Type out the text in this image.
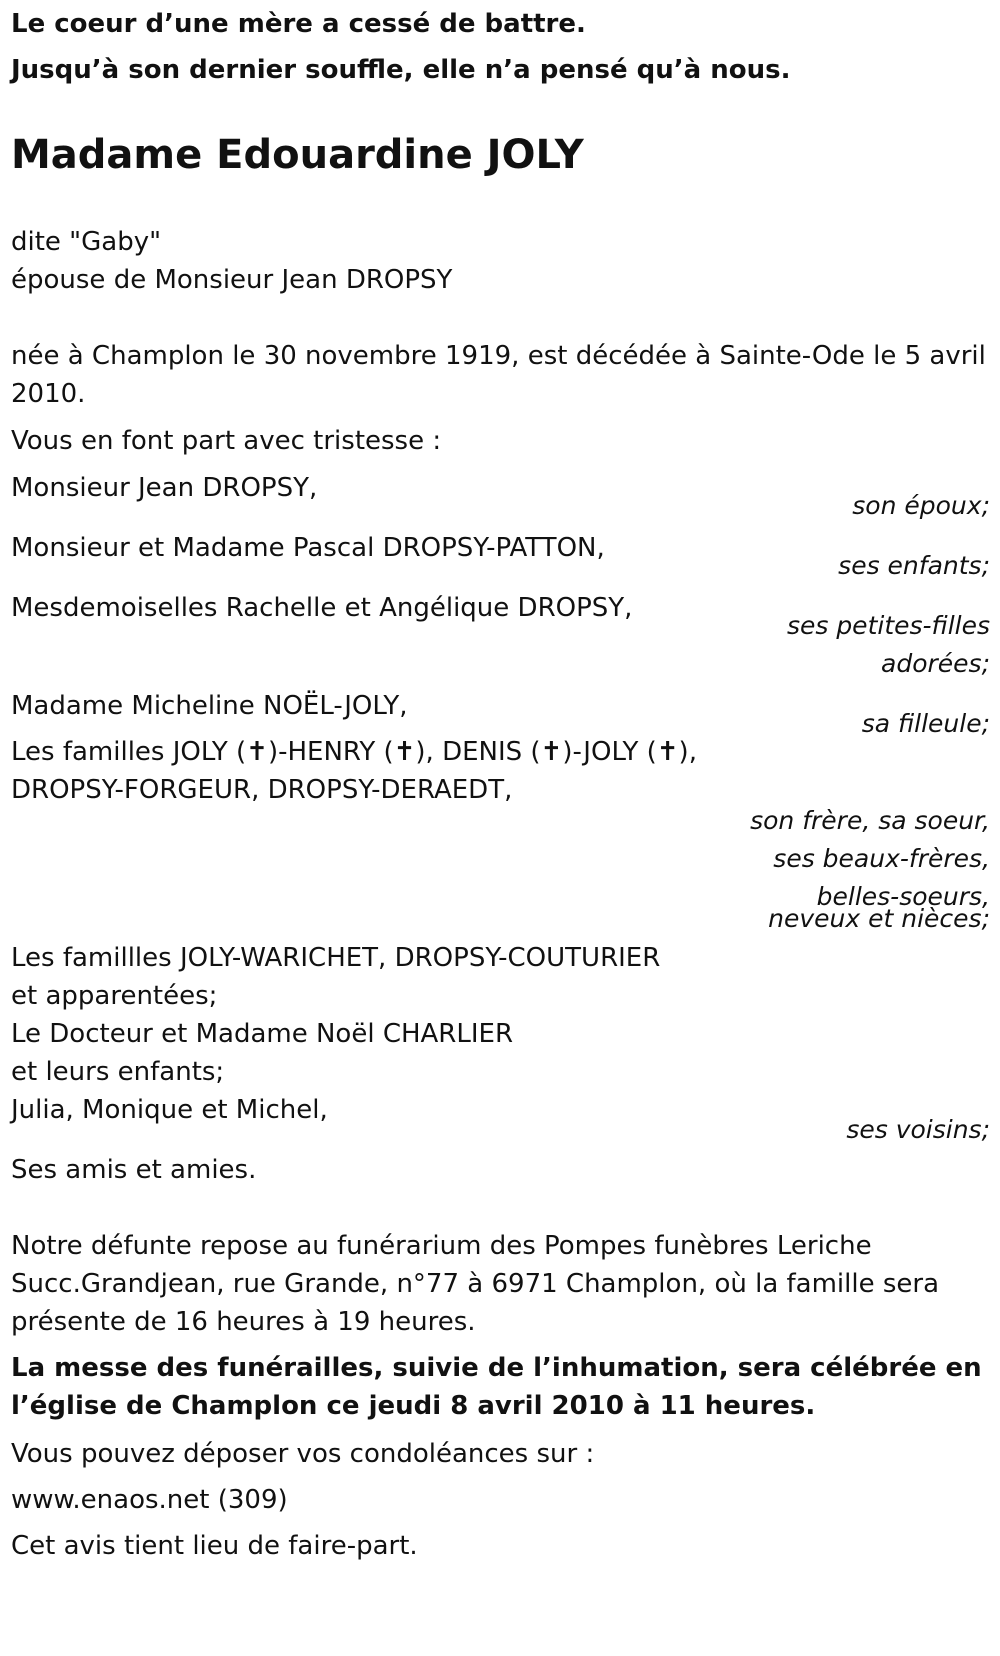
Le coeur d’une mère a cessé de battre.
Jusqu’à son dernier souffle, elle n’a pensé qu’à nous.
Madame Edouardine JOLY
dite "Gaby"
épouse de Monsieur Jean DROPSY
née à Champlon le 30 novembre 1919, est décédée à Sainte-Ode le 5 avril
2010.
Vous en font part avec tristesse :
Monsieur Jean DROPSY,
son époux;
Monsieur et Madame Pascal DROPSY-PATTON,
ses enfants;
Mesdemoiselles Rachelle et Angélique DROPSY,
ses petites-filles
adorées;
Madame Micheline NOËL-JOLY,
sa filleule;
Les familles JOLY (✝)-HENRY (✝), DENIS (✝)-JOLY (✝),
DROPSY-FORGEUR, DROPSY-DERAEDT,
son frère, sa soeur,
ses beaux-frères,
belles-soeurs,
neveux et nièces;
Les famillles JOLY-WARICHET, DROPSY-COUTURIER
et apparentées;
Le Docteur et Madame Noël CHARLIER
et leurs enfants;
Julia, Monique et Michel,
ses voisins;
Ses amis et amies.
Notre défunte repose au funérarium des Pompes funèbres Leriche
Succ.Grandjean, rue Grande, n°77 à 6971 Champlon, où la famille sera
présente de 16 heures à 19 heures.
La messe des funérailles, suivie de l’inhumation, sera célébrée en
l’église de Champlon ce jeudi 8 avril 2010 à 11 heures.
Vous pouvez déposer vos condoléances sur :
www.enaos.net (309)
Cet avis tient lieu de faire-part.
